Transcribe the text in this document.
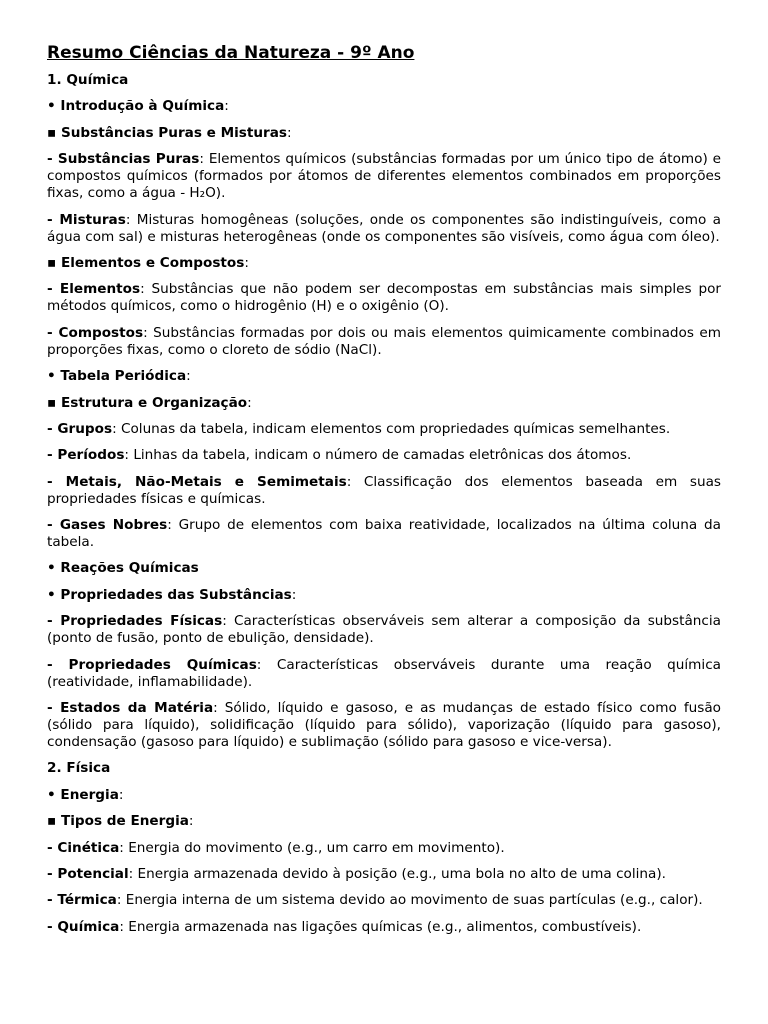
Resumo Ciências da Natureza - 9º Ano

1. Química

• Introdução à Química:

▪ Substâncias Puras e Misturas:

- Substâncias Puras: Elementos químicos (substâncias formadas por um único tipo de átomo) e compostos químicos (formados por átomos de diferentes elementos combinados em proporções fixas, como a água - H₂O).

- Misturas: Misturas homogêneas (soluções, onde os componentes são indistinguíveis, como a água com sal) e misturas heterogêneas (onde os componentes são visíveis, como água com óleo).

▪ Elementos e Compostos:

- Elementos: Substâncias que não podem ser decompostas em substâncias mais simples por métodos químicos, como o hidrogênio (H) e o oxigênio (O).

- Compostos: Substâncias formadas por dois ou mais elementos quimicamente combinados em proporções fixas, como o cloreto de sódio (NaCl).

• Tabela Periódica:

▪ Estrutura e Organização:

- Grupos: Colunas da tabela, indicam elementos com propriedades químicas semelhantes.

- Períodos: Linhas da tabela, indicam o número de camadas eletrônicas dos átomos.

- Metais, Não-Metais e Semimetais: Classificação dos elementos baseada em suas propriedades físicas e químicas.

- Gases Nobres: Grupo de elementos com baixa reatividade, localizados na última coluna da tabela.

• Reações Químicas

• Propriedades das Substâncias:

- Propriedades Físicas: Características observáveis sem alterar a composição da substância (ponto de fusão, ponto de ebulição, densidade).

- Propriedades Químicas: Características observáveis durante uma reação química (reatividade, inflamabilidade).

- Estados da Matéria: Sólido, líquido e gasoso, e as mudanças de estado físico como fusão (sólido para líquido), solidificação (líquido para sólido), vaporização (líquido para gasoso), condensação (gasoso para líquido) e sublimação (sólido para gasoso e vice-versa).

2. Física

• Energia:

▪ Tipos de Energia:

- Cinética: Energia do movimento (e.g., um carro em movimento).

- Potencial: Energia armazenada devido à posição (e.g., uma bola no alto de uma colina).

- Térmica: Energia interna de um sistema devido ao movimento de suas partículas (e.g., calor).

- Química: Energia armazenada nas ligações químicas (e.g., alimentos, combustíveis).
